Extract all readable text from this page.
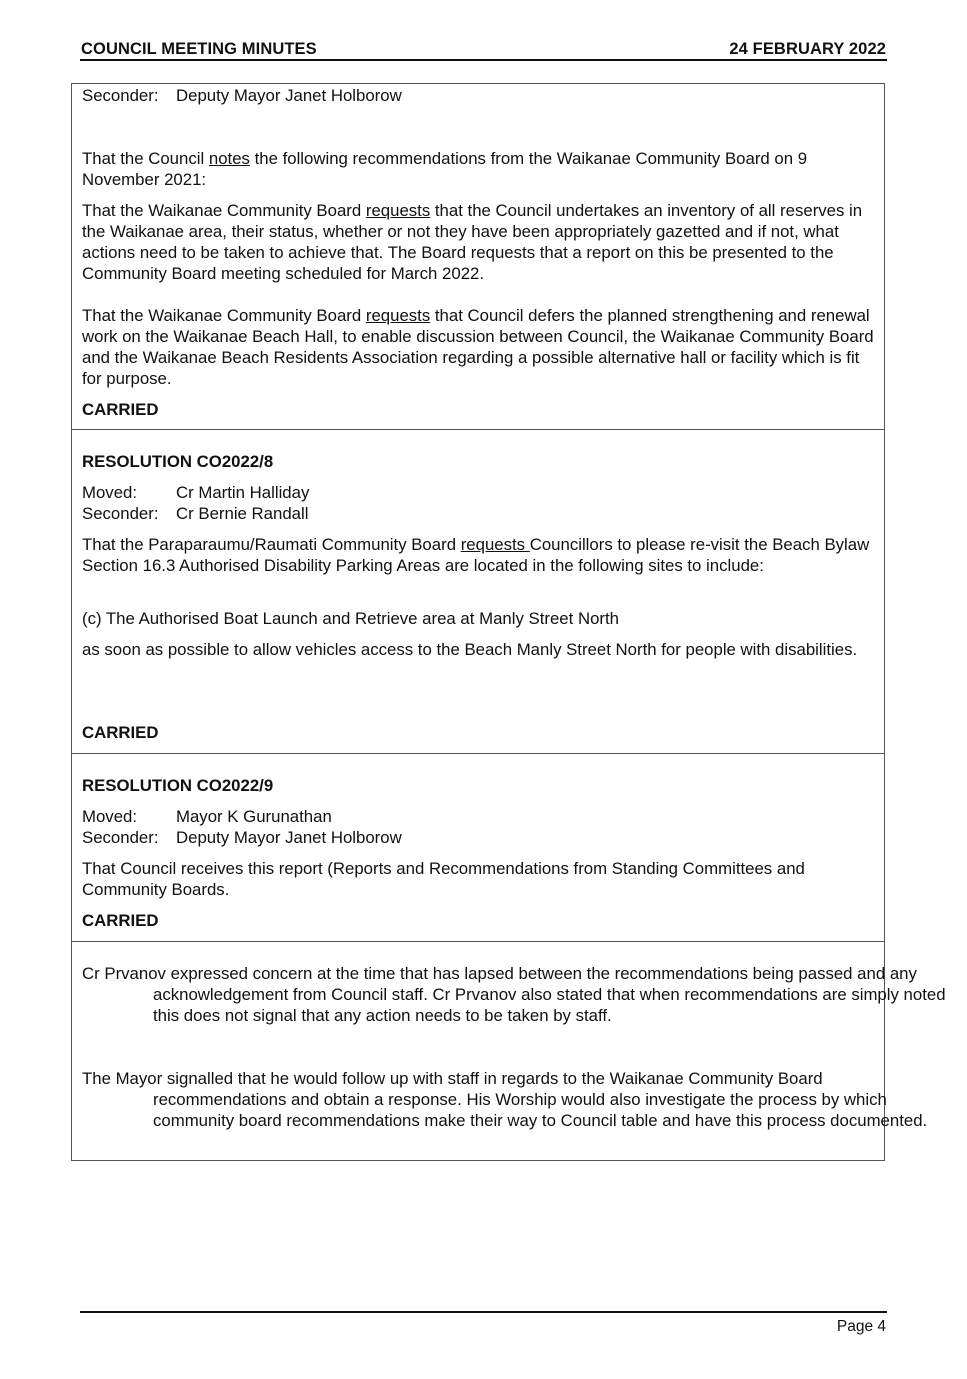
COUNCIL MEETING MINUTES	24 FEBRUARY 2022
Seconder:	Deputy Mayor Janet Holborow

That the Council notes the following recommendations from the Waikanae Community Board on 9 November 2021:

That the Waikanae Community Board requests that the Council undertakes an inventory of all reserves in the Waikanae area, their status, whether or not they have been appropriately gazetted and if not, what actions need to be taken to achieve that. The Board requests that a report on this be presented to the Community Board meeting scheduled for March 2022.

That the Waikanae Community Board requests that Council defers the planned strengthening and renewal work on the Waikanae Beach Hall, to enable discussion between Council, the Waikanae Community Board and the Waikanae Beach Residents Association regarding a possible alternative hall or facility which is fit for purpose.

CARRIED

RESOLUTION CO2022/8

Moved:	Cr Martin Halliday
Seconder:	Cr Bernie Randall

That the Paraparaumu/Raumati Community Board requests Councillors to please re-visit the Beach Bylaw Section 16.3 Authorised Disability Parking Areas are located in the following sites to include:

(c) The Authorised Boat Launch and Retrieve area at Manly Street North

as soon as possible to allow vehicles access to the Beach Manly Street North for people with disabilities.

CARRIED

RESOLUTION CO2022/9

Moved:	Mayor K Gurunathan
Seconder:	Deputy Mayor Janet Holborow

That Council receives this report (Reports and Recommendations from Standing Committees and Community Boards.

CARRIED

Cr Prvanov expressed concern at the time that has lapsed between the recommendations being passed and any acknowledgement from Council staff. Cr Prvanov also stated that when recommendations are simply noted this does not signal that any action needs to be taken by staff.

The Mayor signalled that he would follow up with staff in regards to the Waikanae Community Board recommendations and obtain a response. His Worship would also investigate the process by which community board recommendations make their way to Council table and have this process documented.

Page 4
